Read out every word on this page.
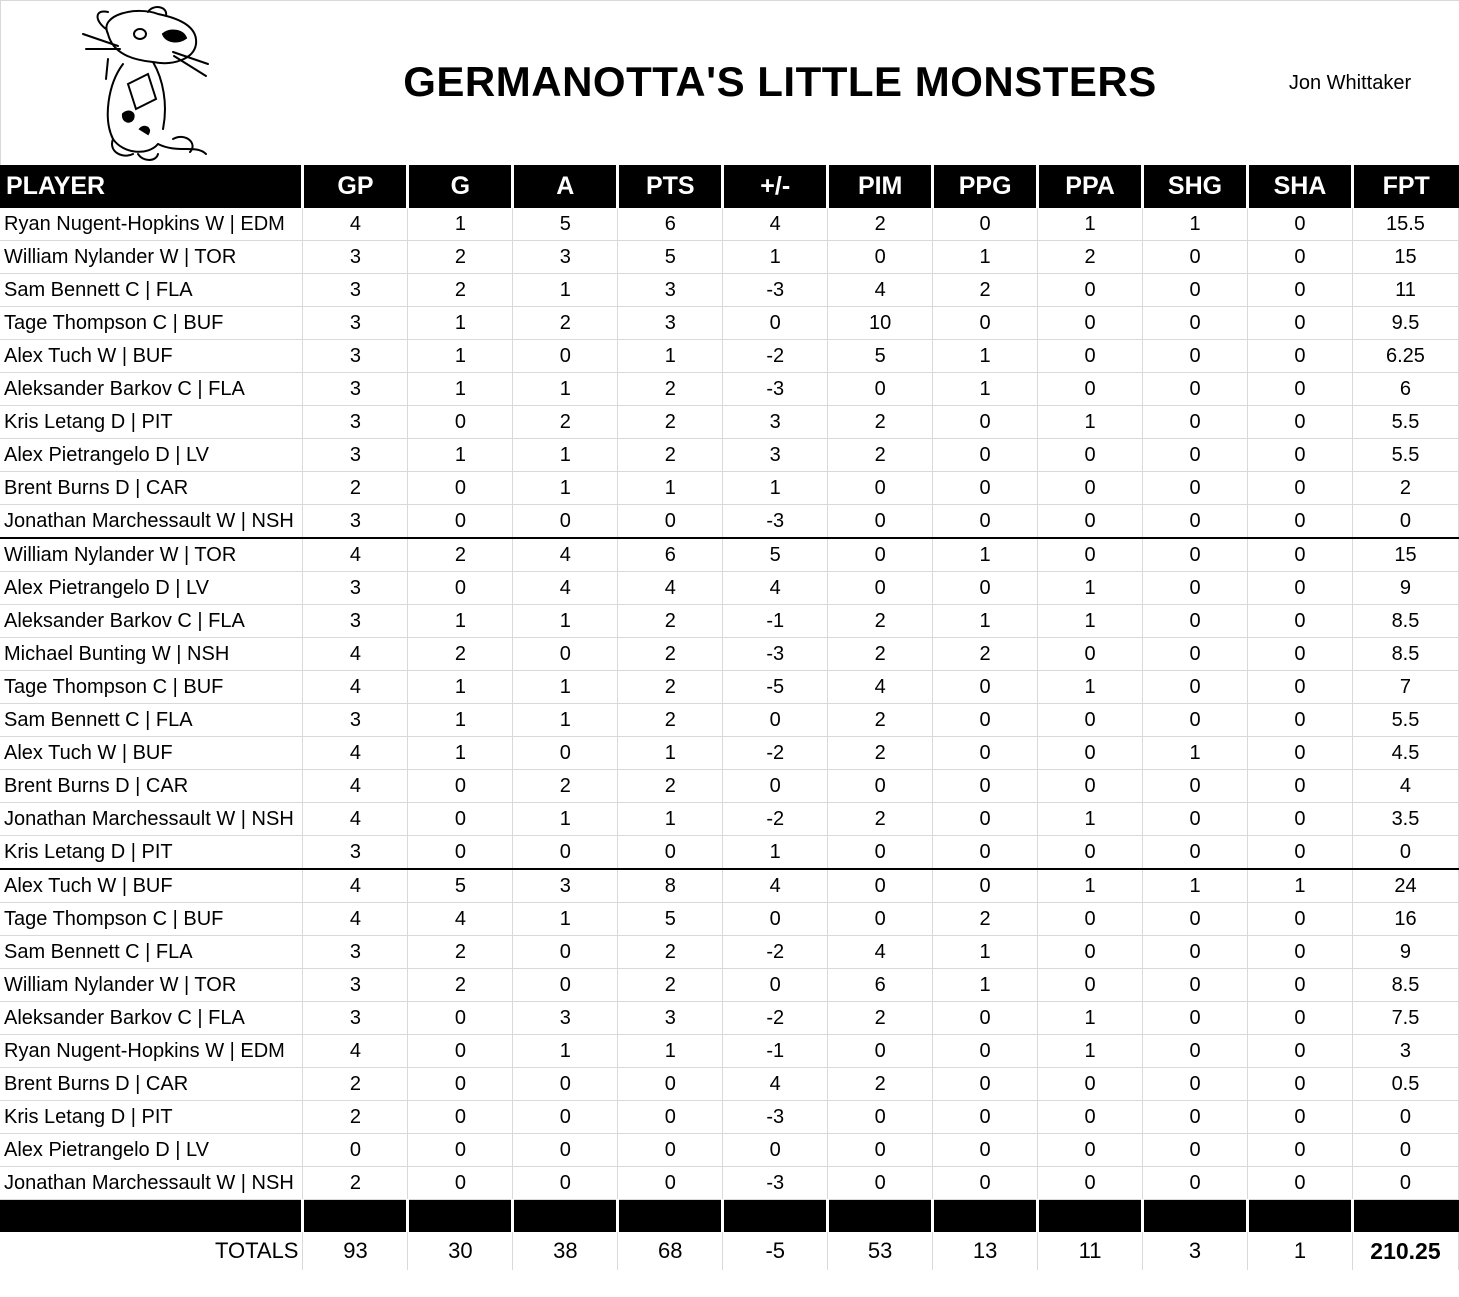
GERMANOTTA'S LITTLE MONSTERS	Jon Whittaker
PLAYER	GP	G	A	PTS	+/-	PIM	PPG	PPA	SHG	SHA	FPT
Ryan Nugent-Hopkins W | EDM	4	1	5	6	4	2	0	1	1	0	15.5
William Nylander W | TOR	3	2	3	5	1	0	1	2	0	0	15
Sam Bennett C | FLA	3	2	1	3	-3	4	2	0	0	0	11
Tage Thompson C | BUF	3	1	2	3	0	10	0	0	0	0	9.5
Alex Tuch W | BUF	3	1	0	1	-2	5	1	0	0	0	6.25
Aleksander Barkov C | FLA	3	1	1	2	-3	0	1	0	0	0	6
Kris Letang D | PIT	3	0	2	2	3	2	0	1	0	0	5.5
Alex Pietrangelo D | LV	3	1	1	2	3	2	0	0	0	0	5.5
Brent Burns D | CAR	2	0	1	1	1	0	0	0	0	0	2
Jonathan Marchessault W | NSH	3	0	0	0	-3	0	0	0	0	0	0
William Nylander W | TOR	4	2	4	6	5	0	1	0	0	0	15
Alex Pietrangelo D | LV	3	0	4	4	4	0	0	1	0	0	9
Aleksander Barkov C | FLA	3	1	1	2	-1	2	1	1	0	0	8.5
Michael Bunting W | NSH	4	2	0	2	-3	2	2	0	0	0	8.5
Tage Thompson C | BUF	4	1	1	2	-5	4	0	1	0	0	7
Sam Bennett C | FLA	3	1	1	2	0	2	0	0	0	0	5.5
Alex Tuch W | BUF	4	1	0	1	-2	2	0	0	1	0	4.5
Brent Burns D | CAR	4	0	2	2	0	0	0	0	0	0	4
Jonathan Marchessault W | NSH	4	0	1	1	-2	2	0	1	0	0	3.5
Kris Letang D | PIT	3	0	0	0	1	0	0	0	0	0	0
Alex Tuch W | BUF	4	5	3	8	4	0	0	1	1	1	24
Tage Thompson C | BUF	4	4	1	5	0	0	2	0	0	0	16
Sam Bennett C | FLA	3	2	0	2	-2	4	1	0	0	0	9
William Nylander W | TOR	3	2	0	2	0	6	1	0	0	0	8.5
Aleksander Barkov C | FLA	3	0	3	3	-2	2	0	1	0	0	7.5
Ryan Nugent-Hopkins W | EDM	4	0	1	1	-1	0	0	1	0	0	3
Brent Burns D | CAR	2	0	0	0	4	2	0	0	0	0	0.5
Kris Letang D | PIT	2	0	0	0	-3	0	0	0	0	0	0
Alex Pietrangelo D | LV	0	0	0	0	0	0	0	0	0	0	0
Jonathan Marchessault W | NSH	2	0	0	0	-3	0	0	0	0	0	0

TOTALS	93	30	38	68	-5	53	13	11	3	1	210.25
